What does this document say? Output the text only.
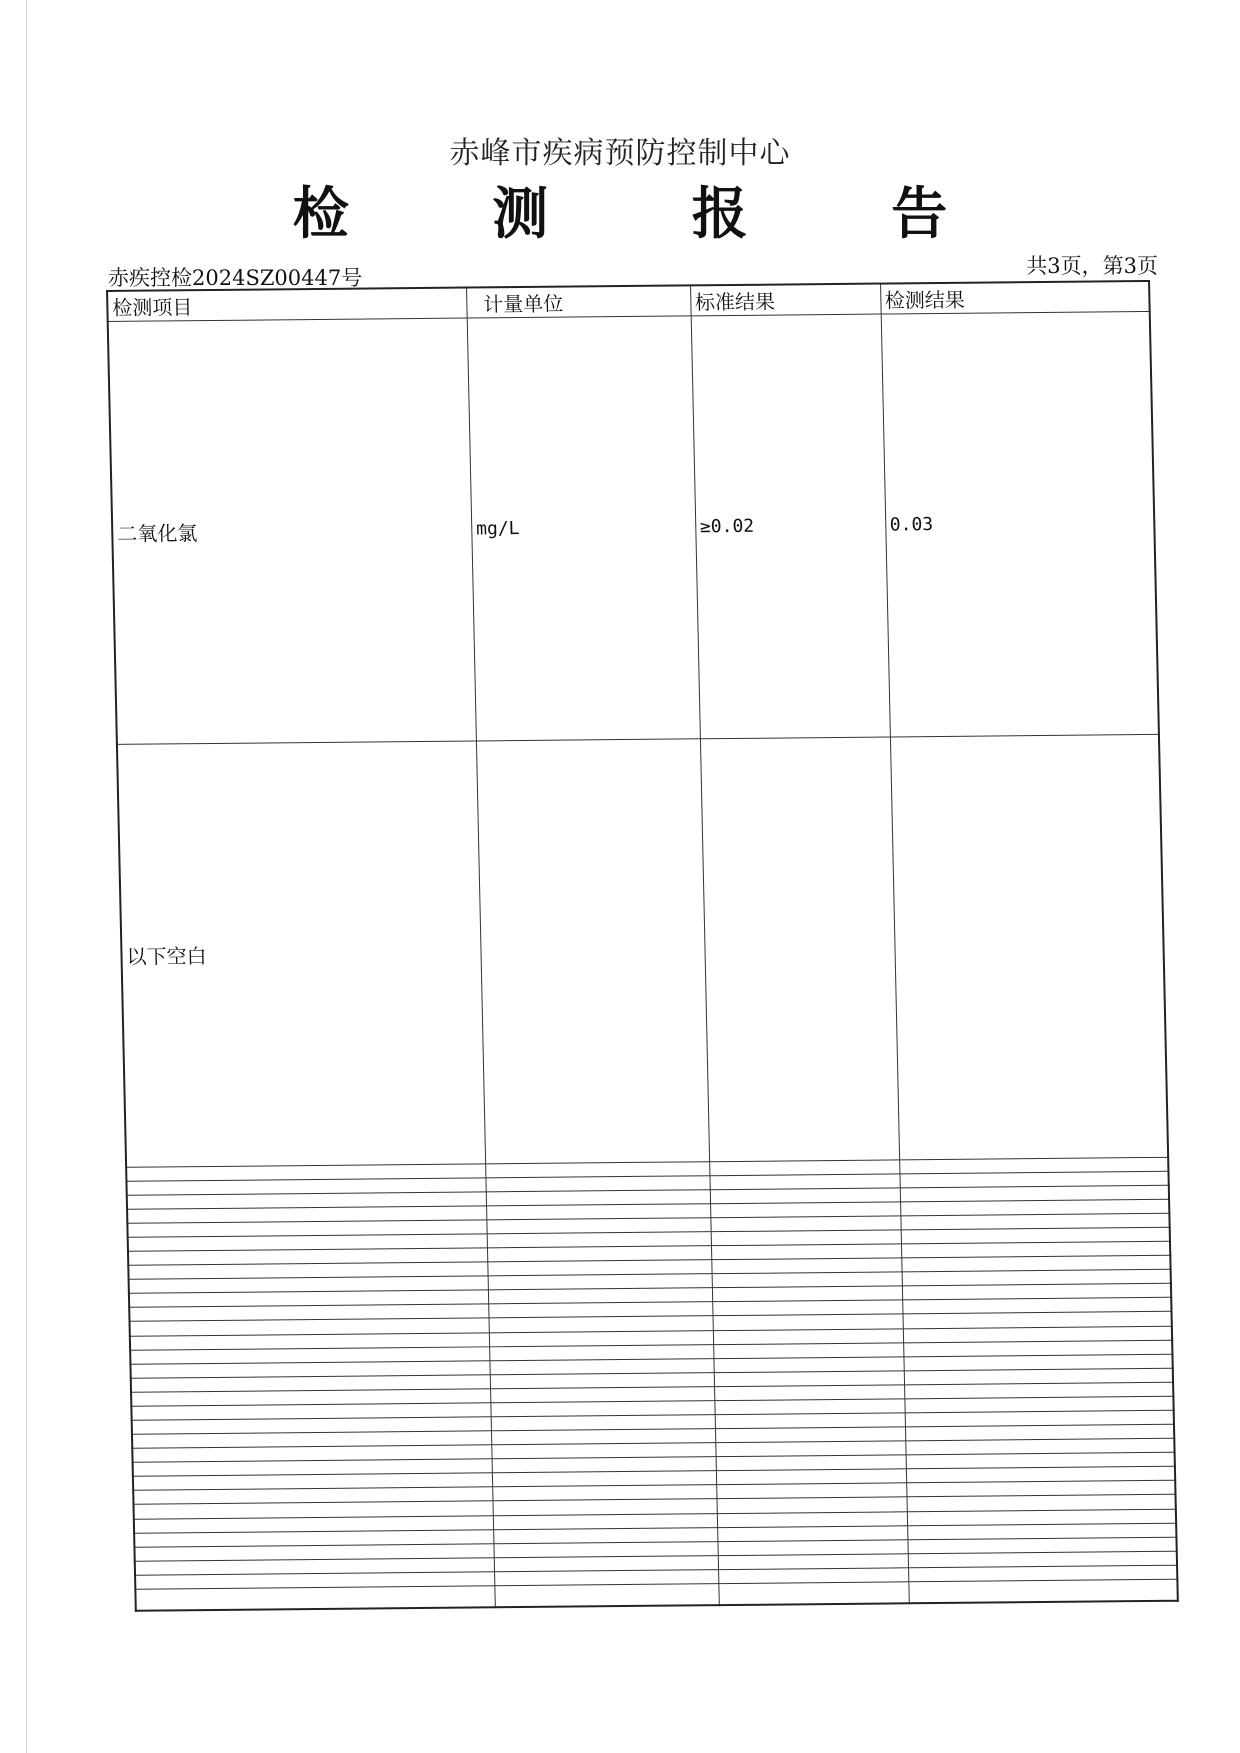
赤峰市疾病预防控制中心
检 测 报 告
赤疾控检2024SZ00447号	共3页，第3页
检测项目	计量单位	标准结果	检测结果
二氧化氯	mg/L	≥0.02	0.03
以下空白			
